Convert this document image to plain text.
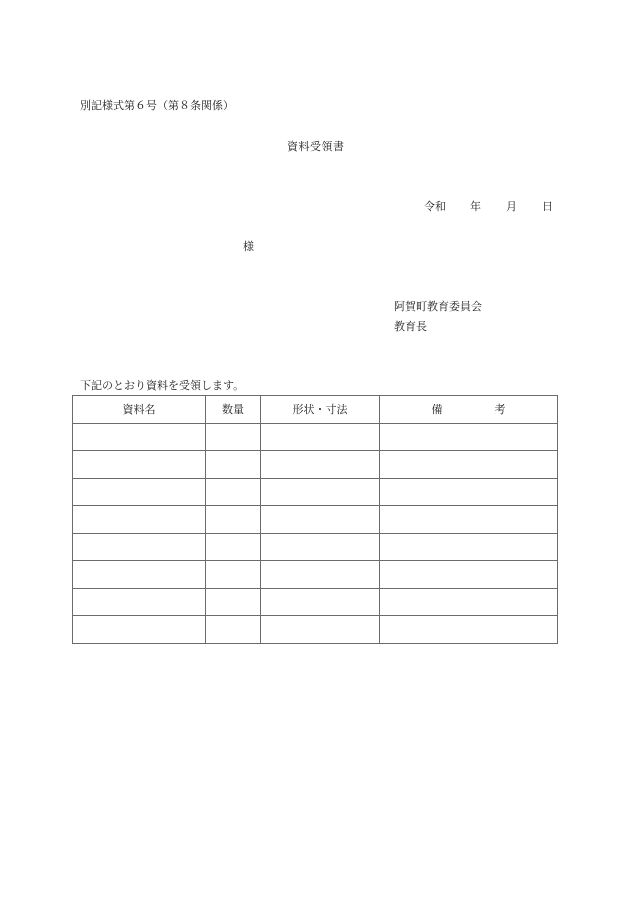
別記様式第６号（第８条関係）
資料受領書
令和 年 月 日
様
阿賀町教育委員会
教育長
下記のとおり資料を受領します。
資料名	数量	形状・寸法	備 考
